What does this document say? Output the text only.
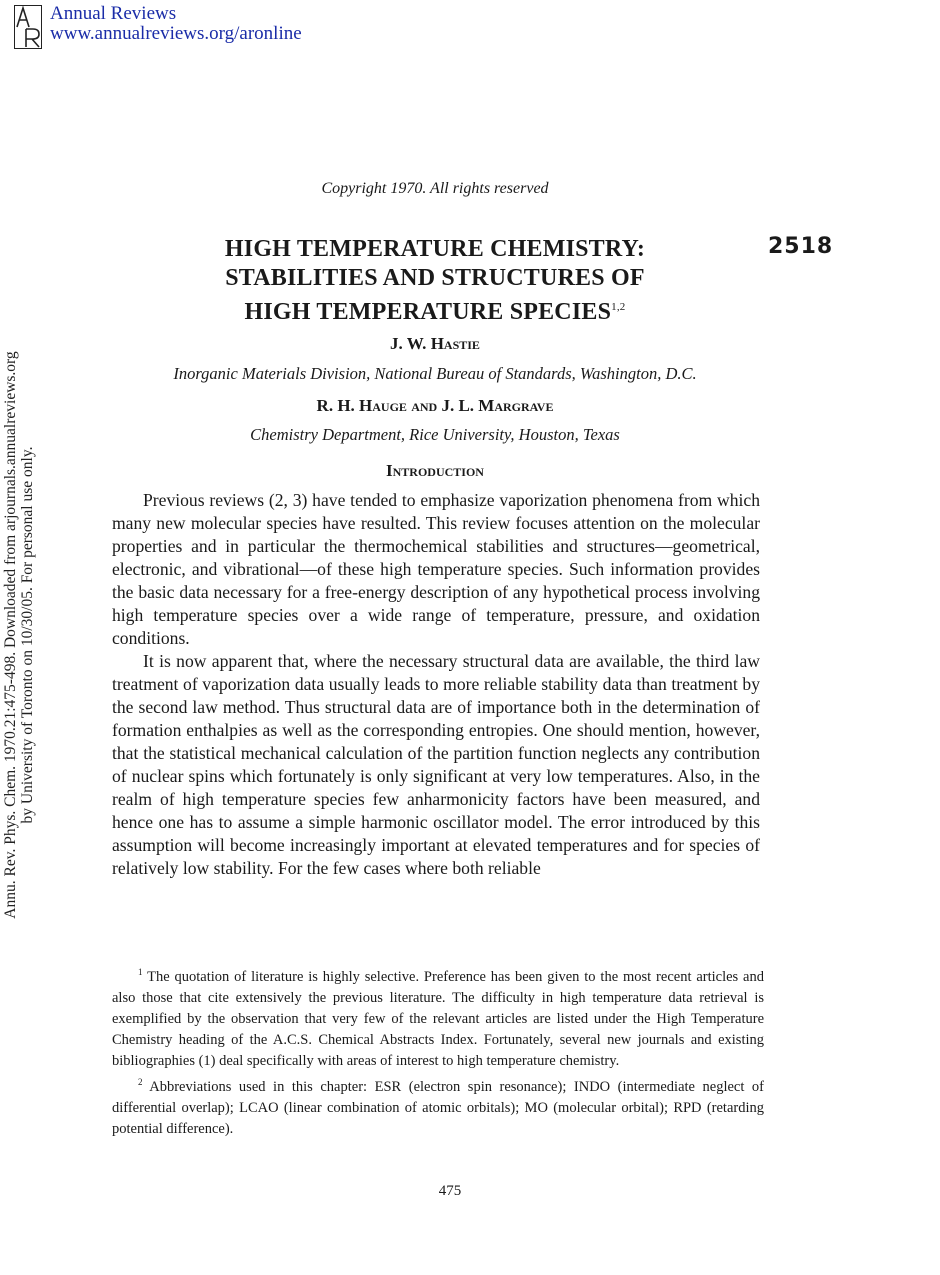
Annual Reviews
www.annualreviews.org/aronline
Annu. Rev. Phys. Chem. 1970.21:475-498. Downloaded from arjournals.annualreviews.org by University of Toronto on 10/30/05. For personal use only.
Copyright 1970. All rights reserved
HIGH TEMPERATURE CHEMISTRY:
STABILITIES AND STRUCTURES OF
HIGH TEMPERATURE SPECIES$^{1,2}$
2518
J. W. Hastie
Inorganic Materials Division, National Bureau of Standards, Washington, D.C.
R. H. Hauge and J. L. Margrave
Chemistry Department, Rice University, Houston, Texas
Introduction

Previous reviews (2, 3) have tended to emphasize vaporization phenomena from which many new molecular species have resulted. This review focuses attention on the molecular properties and in particular the thermochemical stabilities and structures—geometrical, electronic, and vibrational—of these high temperature species. Such information provides the basic data necessary for a free-energy description of any hypothetical process involving high temperature species over a wide range of temperature, pressure, and oxidation conditions.

It is now apparent that, where the necessary structural data are available, the third law treatment of vaporization data usually leads to more reliable stability data than treatment by the second law method. Thus structural data are of importance both in the determination of formation enthalpies as well as the corresponding entropies. One should mention, however, that the statistical mechanical calculation of the partition function neglects any contribution of nuclear spins which fortunately is only significant at very low temperatures. Also, in the realm of high temperature species few anharmonicity factors have been measured, and hence one has to assume a simple harmonic oscillator model. The error introduced by this assumption will become increasingly important at elevated temperatures and for species of relatively low stability. For the few cases where both reliable

$^1$ The quotation of literature is highly selective. Preference has been given to the most recent articles and also those that cite extensively the previous literature. The difficulty in high temperature data retrieval is exemplified by the observation that very few of the relevant articles are listed under the High Temperature Chemistry heading of the A.C.S. Chemical Abstracts Index. Fortunately, several new journals and existing bibliographies (1) deal specifically with areas of interest to high temperature chemistry.

$^2$ Abbreviations used in this chapter: ESR (electron spin resonance); INDO (intermediate neglect of differential overlap); LCAO (linear combination of atomic orbitals); MO (molecular orbital); RPD (retarding potential difference).

475
